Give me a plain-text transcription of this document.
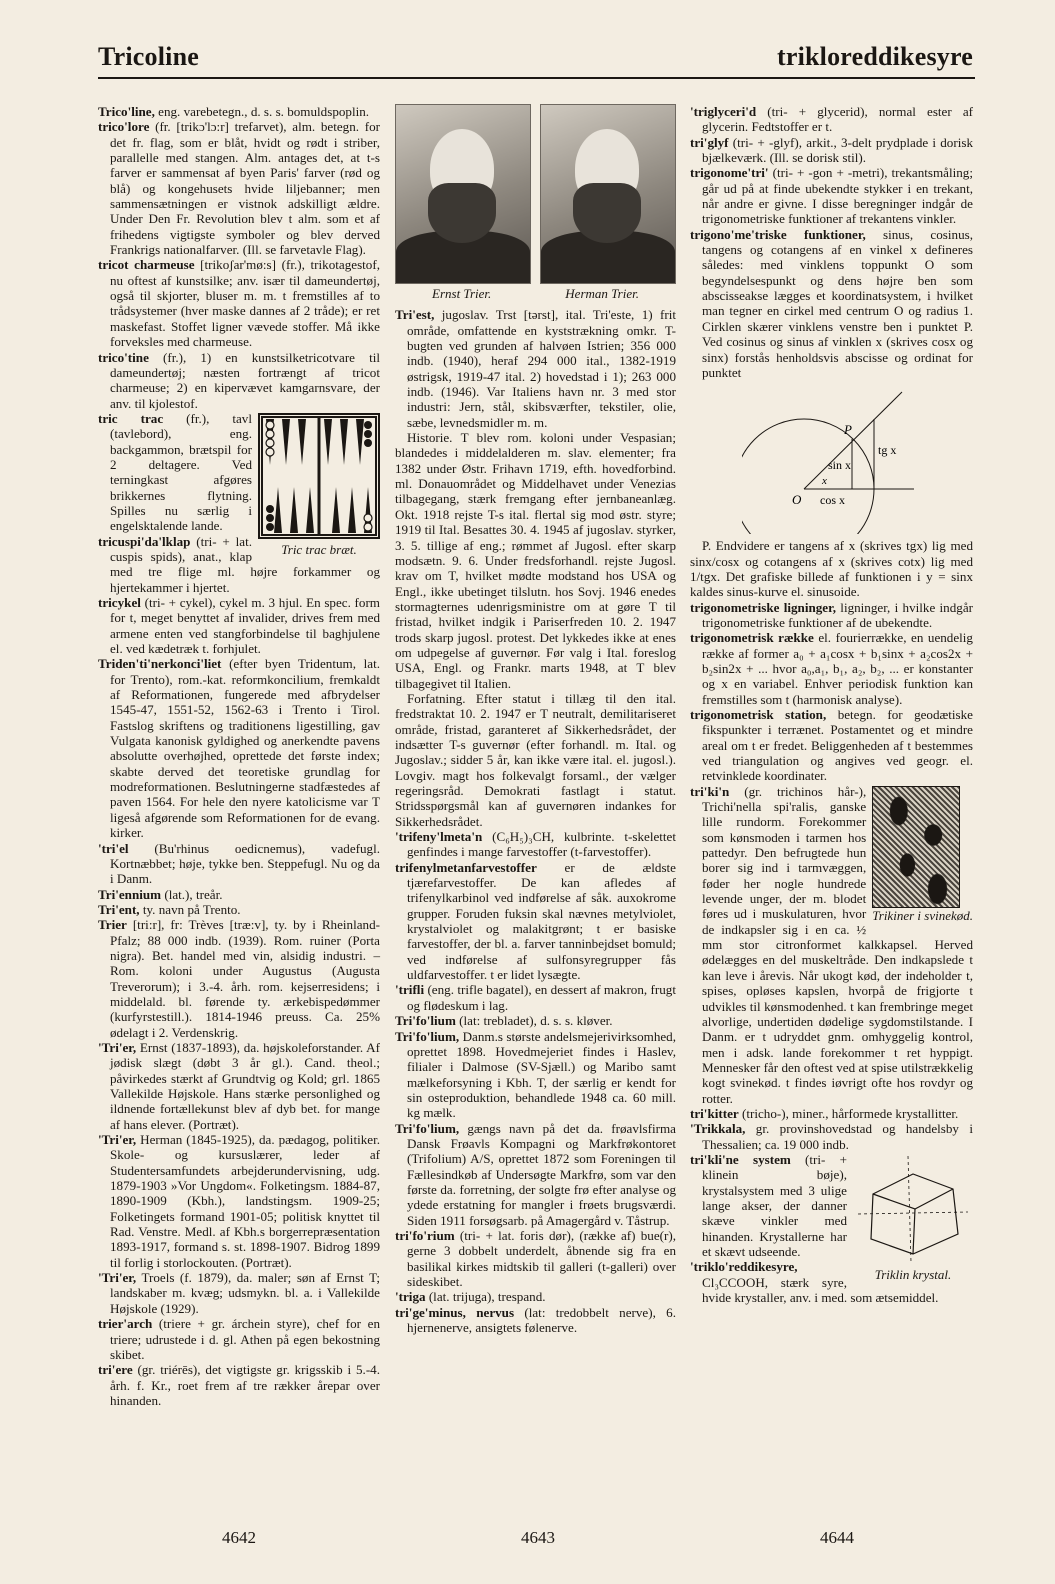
Tricoline	trikloreddikesyre

Trico'line, eng. varebetegn., d. s. s. bomuldspoplin.

trico'lore (fr. [trikɔ'lɔ:r] trefarvet), alm. betegn. for det fr. flag, som er blåt, hvidt og rødt i striber, parallelle med stangen. Alm. antages det, at t-s farver er sammensat af byen Paris' farver (rød og blå) og kongehusets hvide liljebanner; men sammensætningen er vistnok adskilligt ældre. Under Den Fr. Revolution blev t alm. som et af frihedens vigtigste symboler og blev derved Frankrigs nationalfarver. (Ill. se farvetavle Flag).

tricot charmeuse [trikoʃar'mø:s] (fr.), trikotagestof, nu oftest af kunstsilke; anv. især til dameundertøj, også til skjorter, bluser m. m. t fremstilles af to trådsystemer (hver maske dannes af 2 tråde); er ret maskefast. Stoffet ligner vævede stoffer. Må ikke forveksles med charmeuse.

trico'tine (fr.), 1) en kunstsilketricotvare til dameundertøj; næsten fortrængt af tricot charmeuse; 2) en kipervævet kamgarnsvare, der anv. til kjolestof.

Tric trac bræt.

tric trac (fr.), tavl (tavlebord), eng. backgammon, brætspil for 2 deltagere. Ved terningkast afgøres brikkernes flytning. Spilles nu særlig i engelsktalende lande.

tricuspi'da'lklap (tri- + lat. cuspis spids), anat., klap med tre flige ml. højre forkammer og hjertekammer i hjertet.

tricykel (tri- + cykel), cykel m. 3 hjul. En spec. form for t, meget benyttet af invalider, drives frem med armene enten ved stangforbindelse til baghjulene el. ved kædetræk t. forhjulet.

Triden'ti'nerkonci'liet (efter byen Tridentum, lat. for Trento), rom.-kat. reformkoncilium, fremkaldt af Reformationen, fungerede med afbrydelser 1545-47, 1551-52, 1562-63 i Trento i Tirol. Fastslog skriftens og traditionens ligestilling, gav Vulgata kanonisk gyldighed og anerkendte pavens absolutte overhøjhed, oprettede det første index; skabte derved det teoretiske grundlag for modreformationen. Beslutningerne stadfæstedes af paven 1564. For hele den nyere katolicisme var T ligeså afgørende som Reformationen for de evang. kirker.

'tri'el (Bu'rhinus oedicnemus), vadefugl. Kortnæbbet; høje, tykke ben. Steppefugl. Nu og da i Danm.

Tri'ennium (lat.), treår.

Tri'ent, ty. navn på Trento.

Trier [tri:r], fr: Trèves [træ:v], ty. by i Rheinland-Pfalz; 88 000 indb. (1939). Rom. ruiner (Porta nigra). Bet. handel med vin, alsidig industri. – Rom. koloni under Augustus (Augusta Treverorum); i 3.-4. årh. rom. kejserresidens; i middelald. bl. førende ty. ærkebispedømmer (kurfyrstestill.). 1814-1946 preuss. Ca. 25% ødelagt i 2. Verdenskrig.

'Tri'er, Ernst (1837-1893), da. højskoleforstander. Af jødisk slægt (døbt 3 år gl.). Cand. theol.; påvirkedes stærkt af Grundtvig og Kold; grl. 1865 Vallekilde Højskole. Hans stærke personlighed og ildnende fortællekunst blev af dyb bet. for mange af hans elever. (Portræt).

'Tri'er, Herman (1845-1925), da. pædagog, politiker. Skole- og kursuslærer, leder af Studentersamfundets arbejderundervisning, udg. 1879-1903 »Vor Ungdom«. Folketingsm. 1884-87, 1890-1909 (Kbh.), landstingsm. 1909-25; Folketingets formand 1901-05; politisk knyttet til Rad. Venstre. Medl. af Kbh.s borgerrepræsentation 1893-1917, formand s. st. 1898-1907. Bidrog 1899 til forlig i storlockouten. (Portræt).

'Tri'er, Troels (f. 1879), da. maler; søn af Ernst T; landskaber m. kvæg; udsmykn. bl. a. i Vallekilde Højskole (1929).

trier'arch (triere + gr. árchein styre), chef for en triere; udrustede i d. gl. Athen på egen bekostning skibet.

tri'ere (gr. triérēs), det vigtigste gr. krigsskib i 5.-4. årh. f. Kr., roet frem af tre rækker årepar over hinanden.

Ernst Trier.	Herman Trier.

Tri'est, jugoslav. Trst [tərst], ital. Tri'este, 1) frit område, omfattende en kyststrækning omkr. T-bugten ved grunden af halvøen Istrien; 356 000 indb. (1940), heraf 294 000 ital., 1382-1919 østrigsk, 1919-47 ital. 2) hovedstad i 1); 263 000 indb. (1946). Var Italiens havn nr. 3 med stor industri: Jern, stål, skibsværfter, tekstiler, olie, sæbe, levnedsmidler m. m.

Historie. T blev rom. koloni under Vespasian; blandedes i middelalderen m. slav. elementer; fra 1382 under Østr. Frihavn 1719, efth. hovedforbind. ml. Donauområdet og Middelhavet under Venezias tilbagegang, stærk fremgang efter jernbaneanlæg. Okt. 1918 rejste T-s ital. flertal sig mod østr. styre; 1919 til Ital. Besattes 30. 4. 1945 af jugoslav. styrker, 3. 5. tillige af eng.; rømmet af Jugosl. efter skarp modsætn. 9. 6. Under fredsforhandl. rejste Jugosl. krav om T, hvilket mødte modstand hos USA og Engl., ikke ubetinget tilslutn. hos Sovj. 1946 enedes stormagternes udenrigsministre om at gøre T til fristad, hvilket indgik i Pariserfreden 10. 2. 1947 trods skarp jugosl. protest. Det lykkedes ikke at enes om udpegelse af guvernør. Før valg i Ital. foreslog USA, Engl. og Frankr. marts 1948, at T blev tilbagegivet til Italien.

Forfatning. Efter statut i tillæg til den ital. fredstraktat 10. 2. 1947 er T neutralt, demilitariseret område, fristad, garanteret af Sikkerhedsrådet, der indsætter T-s guvernør (efter forhandl. m. Ital. og Jugoslav.; sidder 5 år, kan ikke være ital. el. jugosl.). Lovgiv. magt hos folkevalgt forsaml., der vælger regeringsråd. Demokrati fastlagt i statut. Stridsspørgsmål kan af guvernøren indankes for Sikkerhedsrådet.

'trifeny'lmeta'n (C₆H₅)₃CH, kulbrinte. t-skelettet genfindes i mange farvestoffer (t-farvestoffer).

trifenylmetanfarvestoffer er de ældste tjærefarvestoffer. De kan afledes af trifenylkarbinol ved indførelse af såk. auxokrome grupper. Foruden fuksin skal nævnes metylviolet, krystalviolet og malakitgrønt; t er basiske farvestoffer, der bl. a. farver tanninbejdset bomuld; ved indførelse af sulfonsyregrupper fås uldfarvestoffer. t er lidet lysægte.

'trifli (eng. trifle bagatel), en dessert af makron, frugt og flødeskum i lag.

Tri'fo'lium (lat: trebladet), d. s. s. kløver.

Tri'fo'lium, Danm.s største andelsmejerivirksomhed, oprettet 1898. Hovedmejeriet findes i Haslev, filialer i Dalmose (SV-Sjæll.) og Maribo samt mælkeforsyning i Kbh. T, der særlig er kendt for sin osteproduktion, behandlede 1948 ca. 60 mill. kg mælk.

Tri'fo'lium, gængs navn på det da. frøavlsfirma Dansk Frøavls Kompagni og Markfrøkontoret (Trifolium) A/S, oprettet 1872 som Foreningen til Fællesindkøb af Undersøgte Markfrø, som var den første da. forretning, der solgte frø efter analyse og ydede erstatning for mangler i frøets brugsværdi. Siden 1911 forsøgsarb. på Amagergård v. Tåstrup.

tri'fo'rium (tri- + lat. foris dør), (række af) bue(r), gerne 3 dobbelt underdelt, åbnende sig fra en basilikal kirkes midtskib til galleri (t-galleri) over sideskibet.

'triga (lat. trijuga), trespand.

tri'ge'minus, nervus (lat: tredobbelt nerve), 6. hjernenerve, ansigtets følenerve.

'triglyceri'd (tri- + glycerid), normal ester af glycerin. Fedtstoffer er t.

tri'glyf (tri- + -glyf), arkit., 3-delt prydplade i dorisk bjælkeværk. (Ill. se dorisk stil).

trigonome'tri' (tri- + -gon + -metri), trekantsmåling; går ud på at finde ubekendte stykker i en trekant, når andre er givne. I disse beregninger indgår de trigonometriske funktioner af trekantens vinkler.

trigono'me'triske funktioner, sinus, cosinus, tangens og cotangens af en vinkel x defineres således: med vinklens toppunkt O som begyndelsespunkt og dens højre ben som abscisseakse lægges et koordinatsystem, i hvilket man tegner en cirkel med centrum O og radius 1. Cirklen skærer vinklens venstre ben i punktet P. Ved cosinus og sinus af vinklen x (skrives cosx og sinx) forstås henholdsvis abscisse og ordinat for punktet

P
sin x
cos x
tg x
O
x

P. Endvidere er tangens af x (skrives tgx) lig med sinx/cosx og cotangens af x (skrives cotx) lig med 1/tgx. Det grafiske billede af funktionen i y = sinx kaldes sinus-kurve el. sinusoide.

trigonometriske ligninger, ligninger, i hvilke indgår trigonometriske funktioner af de ubekendte.

trigonometrisk række el. fourierrække, en uendelig række af former a₀ + a₁cosx + b₁sinx + a₂cos2x + b₂sin2x + ... hvor a₀,a₁, b₁, a₂, b₂, ... er konstanter og x en variabel. Enhver periodisk funktion kan fremstilles som t (harmonisk analyse).

trigonometrisk station, betegn. for geodætiske fikspunkter i terrænet. Postamentet og et mindre areal om t er fredet. Beliggenheden af t bestemmes ved triangulation og angives ved geogr. el. retvinklede koordinater.

Trikiner i svinekød.

tri'ki'n (gr. trichinos hår-), Trichi'nella spi'ralis, ganske lille rundorm. Forekommer som kønsmoden i tarmen hos pattedyr. Den befrugtede hun borer sig ind i tarmvæggen, føder her nogle hundrede levende unger, der m. blodet føres ud i muskulaturen, hvor de indkapsler sig i en ca. ½ mm stor citronformet kalkkapsel. Herved ødelægges en del muskeltråde. Den indkapslede t kan leve i årevis. Når ukogt kød, der indeholder t, spises, opløses kapslen, hvorpå de frigjorte t udvikles til kønsmodenhed. t kan frembringe meget alvorlige, undertiden dødelige sygdomstilstande. I Danm. er t udryddet gnm. omhyggelig kontrol, men i adsk. lande forekommer t ret hyppigt. Mennesker får den oftest ved at spise utilstrækkelig kogt svinekød. t findes iøvrigt ofte hos rovdyr og rotter.

tri'kitter (tricho-), miner., hårformede krystallitter.

'Trikkala, gr. provinshovedstad og handelsby i Thessalien; ca. 19 000 indb.

Triklin krystal.

tri'kli'ne system (tri- + klinein bøje), krystalsystem med 3 ulige lange akser, der danner skæve vinkler med hinanden. Krystallerne har et skævt udseende.

'triklo'reddikesyre, Cl₃CCOOH, stærk syre, hvide krystaller, anv. i med. som ætsemiddel.

4642	4643	4644
